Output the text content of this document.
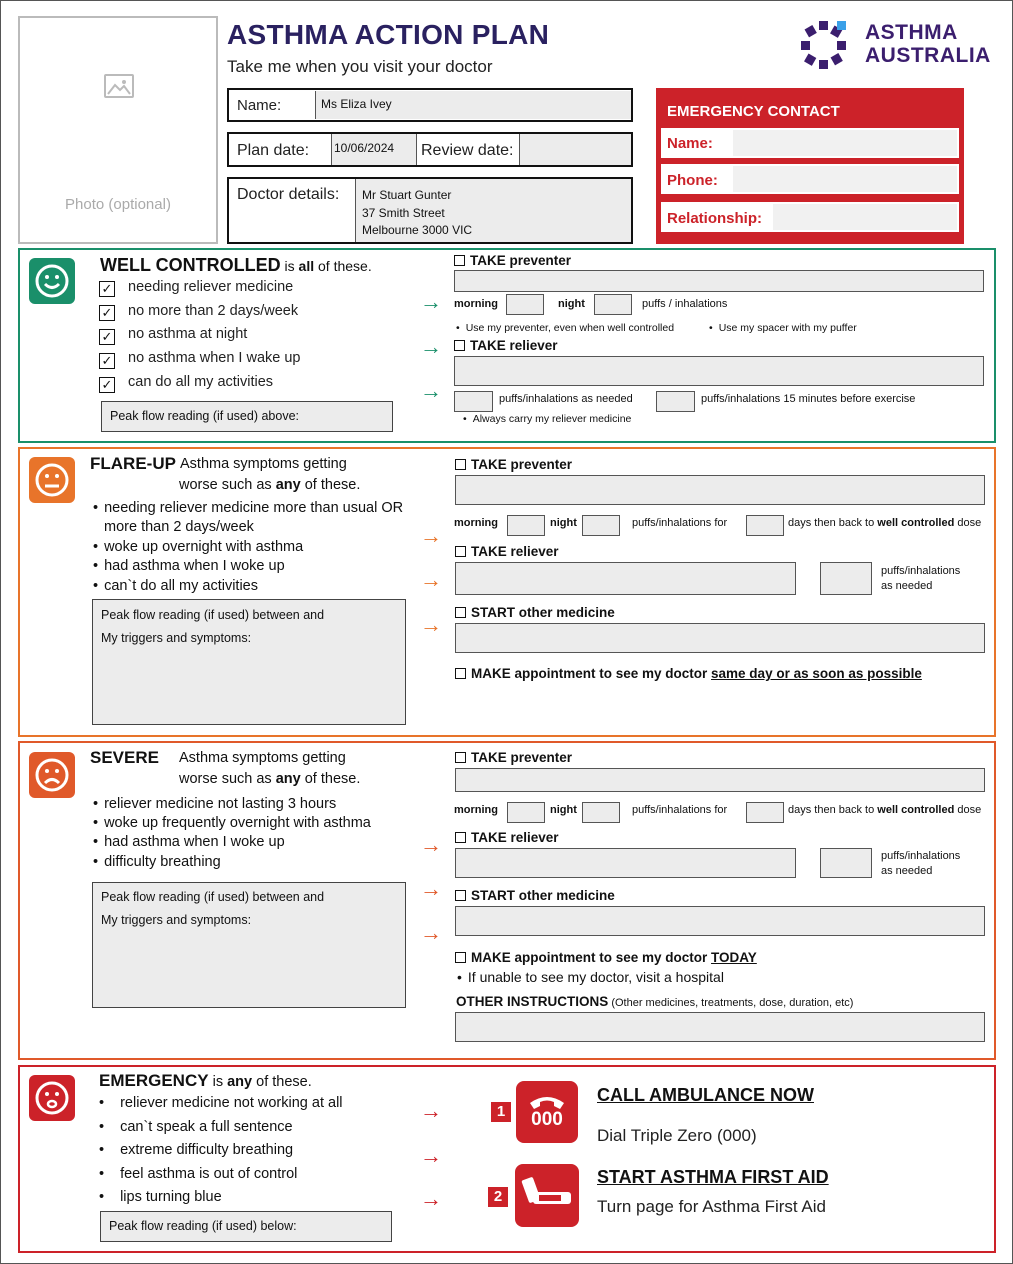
Photo (optional)
ASTHMA ACTION PLAN
Take me when you visit your doctor
ASTHMA
AUSTRALIA
Name:	Ms Eliza Ivey
Plan date: 10/06/2024 Review date:
Doctor details: Mr Stuart Gunter
37 Smith Street
Melbourne 3000 VIC
EMERGENCY CONTACT
Name:
Phone:
Relationship:
WELL CONTROLLED is all of these.
✓ needing reliever medicine
✓ no more than 2 days/week
✓ no asthma at night
✓ no asthma when I wake up
✓ can do all my activities
Peak flow reading (if used) above:
→
→
→
TAKE preventer
morning	night	puffs / inhalations
• Use my preventer, even when well controlled
•	Use my spacer with my puffer
TAKE reliever
puffs/inhalations as needed	puffs/inhalations 15 minutes before exercise
• Always carry my reliever medicine
FLARE-UP Asthma symptoms getting
worse such as any of these.
• needing reliever medicine more than usual OR
more than 2 days/week
• woke up overnight with asthma
• had asthma when I woke up
• can`t do all my activities
Peak flow reading (if used) between and
My triggers and symptoms:
→
→
→
TAKE preventer
morning	night	puffs/inhalations for	days then back to well controlled dose
TAKE reliever
puffs/inhalations
as needed
START other medicine
MAKE appointment to see my doctor same day or as soon as possible
SEVERE Asthma symptoms getting
worse such as any of these.
• reliever medicine not lasting 3 hours
• woke up frequently overnight with asthma
• had asthma when I woke up
• difficulty breathing
Peak flow reading (if used) between and
My triggers and symptoms:
→
→
→
TAKE preventer
morning	night	puffs/inhalations for	days then back to well controlled dose
TAKE reliever
puffs/inhalations
as needed
START other medicine
MAKE appointment to see my doctor TODAY
• If unable to see my doctor, visit a hospital
OTHER INSTRUCTIONS (Other medicines, treatments, dose, duration, etc)
EMERGENCY is any of these.
• reliever medicine not working at all
• can`t speak a full sentence
• extreme difficulty breathing
• feel asthma is out of control
• lips turning blue
Peak flow reading (if used) below:
→
→
→
1	000
CALL AMBULANCE NOW
Dial Triple Zero (000)
2
START ASTHMA FIRST AID
Turn page for Asthma First Aid
